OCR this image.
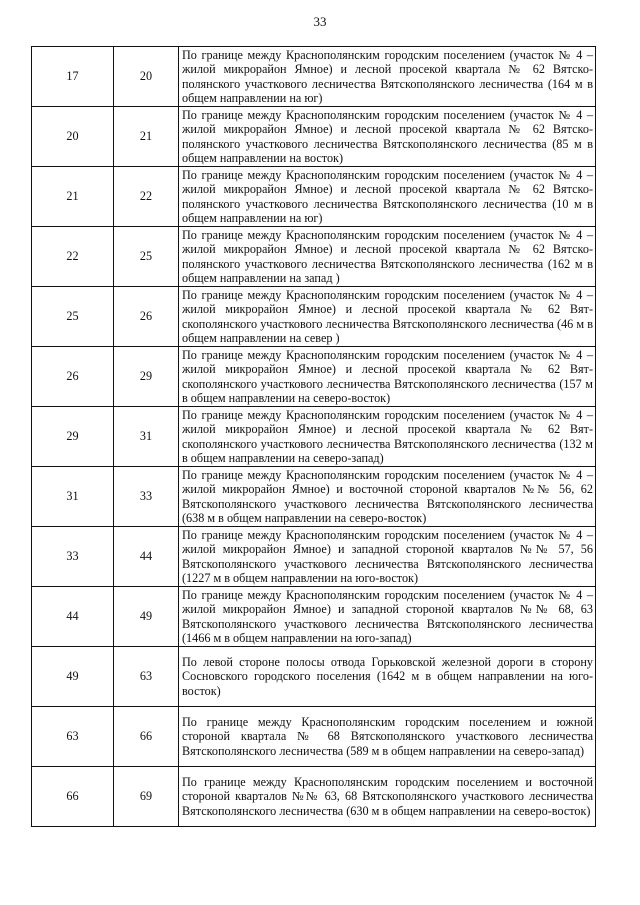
33
17	20	По границе между Краснополянским городским поселением (участок № 4 – жилой микрорайон Ямное) и лесной просекой квартала № 62 Вятскополянского участкового лесничества Вятскополянского лесничества (164 м в общем направлении на юг)
20	21	По границе между Краснополянским городским поселением (участок № 4 – жилой микрорайон Ямное) и лесной просекой квартала № 62 Вятскополянского участкового лесничества Вятскополянского лесничества (85 м в общем направлении на восток)
21	22	По границе между Краснополянским городским поселением (участок № 4 – жилой микрорайон Ямное) и лесной просекой квартала № 62 Вятскополянского участкового лесничества Вятскополянского лесничества (10 м в общем направлении на юг)
22	25	По границе между Краснополянским городским поселением (участок № 4 – жилой микрорайон Ямное) и лесной просекой квартала № 62 Вятскополянского участкового лесничества Вятскополянского лесничества (162 м в общем направлении на запад )
25	26	По границе между Краснополянским городским поселением (участок № 4 – жилой микрорайон Ямное) и лесной просекой квартала № 62 Вятскополянского участкового лесничества Вятскополянского лесничества (46 м в общем направлении на север )
26	29	По границе между Краснополянским городским поселением (участок № 4 – жилой микрорайон Ямное) и лесной просекой квартала № 62 Вятскополянского участкового лесничества Вятскополянского лесничества (157 м в общем направлении на северо-восток)
29	31	По границе между Краснополянским городским поселением (участок № 4 – жилой микрорайон Ямное) и лесной просекой квартала № 62 Вятскополянского участкового лесничества Вятскополянского лесничества (132 м в общем направлении на северо-запад)
31	33	По границе между Краснополянским городским поселением (участок № 4 – жилой микрорайон Ямное) и восточной стороной кварталов №№ 56, 62 Вятскополянского участкового лесничества Вятскополянского лесничества (638 м в общем направлении на северо-восток)
33	44	По границе между Краснополянским городским поселением (участок № 4 – жилой микрорайон Ямное) и западной стороной кварталов №№ 57, 56 Вятскополянского участкового лесничества Вятскополянского лесничества (1227 м в общем направлении на юго-восток)
44	49	По границе между Краснополянским городским поселением (участок № 4 – жилой микрорайон Ямное) и западной стороной кварталов №№ 68, 63 Вятскополянского участкового лесничества Вятскополянского лесничества (1466 м в общем направлении на юго-запад)
49	63	По левой стороне полосы отвода Горьковской железной дороги в сторону Сосновского городского поселения (1642 м в общем направлении на юго-восток)
63	66	По границе между Краснополянским городским поселением и южной стороной квартала № 68 Вятскополянского участкового лесничества Вятскополянского лесничества (589 м в общем направлении на северо-запад)
66	69	По границе между Краснополянским городским поселением и восточной стороной кварталов №№ 63, 68 Вятскополянского участкового лесничества Вятскополянского лесничества (630 м в общем направлении на северо-восток)
